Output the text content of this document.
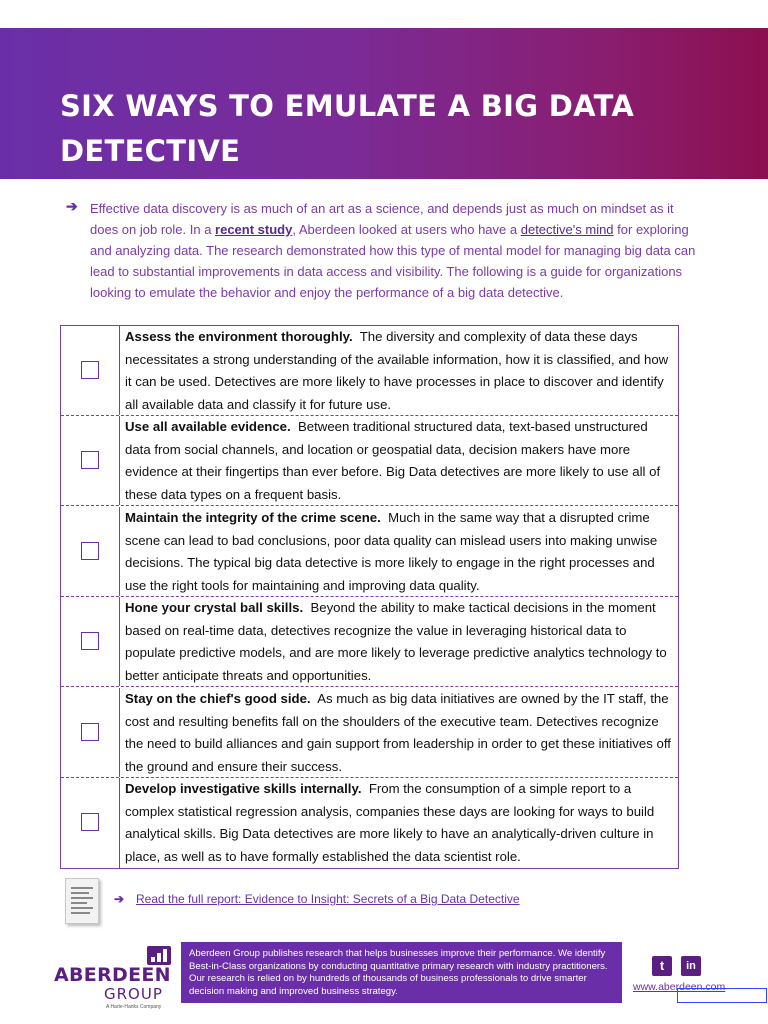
SIX WAYS TO EMULATE A BIG DATA DETECTIVE
➔ Effective data discovery is as much of an art as a science, and depends just as much on mindset as it does on job role. In a recent study, Aberdeen looked at users who have a detective's mind for exploring and analyzing data. The research demonstrated how this type of mental model for managing big data can lead to substantial improvements in data access and visibility. The following is a guide for organizations looking to emulate the behavior and enjoy the performance of a big data detective.

Assess the environment thoroughly. The diversity and complexity of data these days necessitates a strong understanding of the available information, how it is classified, and how it can be used. Detectives are more likely to have processes in place to discover and identify all available data and classify it for future use.

Use all available evidence. Between traditional structured data, text-based unstructured data from social channels, and location or geospatial data, decision makers have more evidence at their fingertips than ever before. Big Data detectives are more likely to use all of these data types on a frequent basis.

Maintain the integrity of the crime scene. Much in the same way that a disrupted crime scene can lead to bad conclusions, poor data quality can mislead users into making unwise decisions. The typical big data detective is more likely to engage in the right processes and use the right tools for maintaining and improving data quality.

Hone your crystal ball skills. Beyond the ability to make tactical decisions in the moment based on real-time data, detectives recognize the value in leveraging historical data to populate predictive models, and are more likely to leverage predictive analytics technology to better anticipate threats and opportunities.

Stay on the chief's good side. As much as big data initiatives are owned by the IT staff, the cost and resulting benefits fall on the shoulders of the executive team. Detectives recognize the need to build alliances and gain support from leadership in order to get these initiatives off the ground and ensure their success.

Develop investigative skills internally. From the consumption of a simple report to a complex statistical regression analysis, companies these days are looking for ways to build analytical skills. Big Data detectives are more likely to have an analytically-driven culture in place, as well as to have formally established the data scientist role.

➔ Read the full report: Evidence to Insight: Secrets of a Big Data Detective
ABERDEEN
GROUP
A Harte-Hanks Company
Aberdeen Group publishes research that helps businesses improve their performance. We identify Best-in-Class organizations by conducting quantitative primary research with industry practitioners. Our research is relied on by hundreds of thousands of business professionals to drive smarter decision making and improved business strategy.
t	in
www.aberdeen.com
